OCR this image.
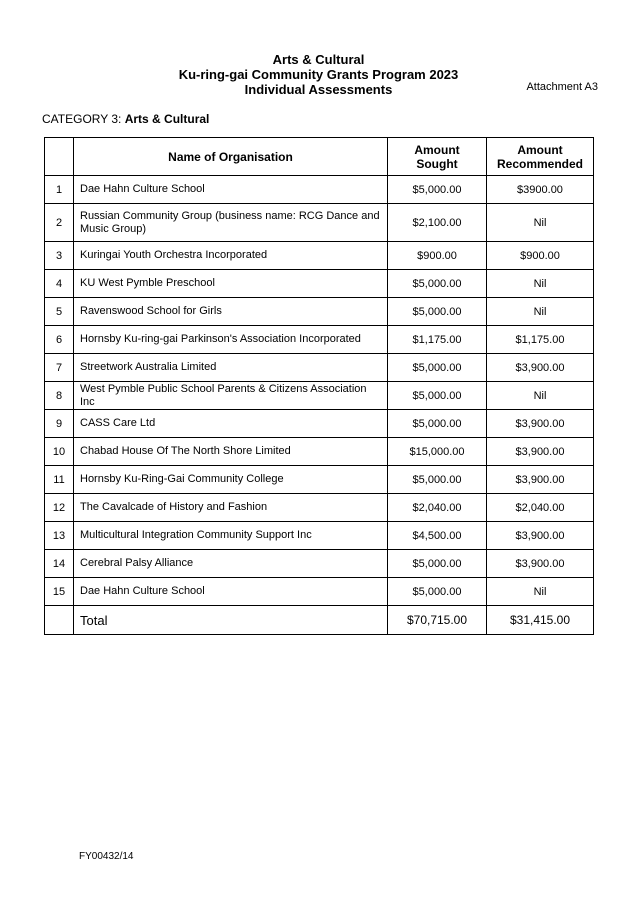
Arts & Cultural
Ku-ring-gai Community Grants Program 2023
Individual Assessments	Attachment A3
CATEGORY 3: Arts & Cultural
	Name of Organisation	Amount Sought	Amount Recommended
1	Dae Hahn Culture School	$5,000.00	$3900.00
2	Russian Community Group (business name: RCG Dance and Music Group)	$2,100.00	Nil
3	Kuringai Youth Orchestra Incorporated	$900.00	$900.00
4	KU West Pymble Preschool	$5,000.00	Nil
5	Ravenswood School for Girls	$5,000.00	Nil
6	Hornsby Ku-ring-gai Parkinson's Association Incorporated	$1,175.00	$1,175.00
7	Streetwork Australia Limited	$5,000.00	$3,900.00
8	West Pymble Public School Parents & Citizens Association Inc	$5,000.00	Nil
9	CASS Care Ltd	$5,000.00	$3,900.00
10	Chabad House Of The North Shore Limited	$15,000.00	$3,900.00
11	Hornsby Ku-Ring-Gai Community College	$5,000.00	$3,900.00
12	The Cavalcade of History and Fashion	$2,040.00	$2,040.00
13	Multicultural Integration Community Support Inc	$4,500.00	$3,900.00
14	Cerebral Palsy Alliance	$5,000.00	$3,900.00
15	Dae Hahn Culture School	$5,000.00	Nil
	Total	$70,715.00	$31,415.00
FY00432/14
